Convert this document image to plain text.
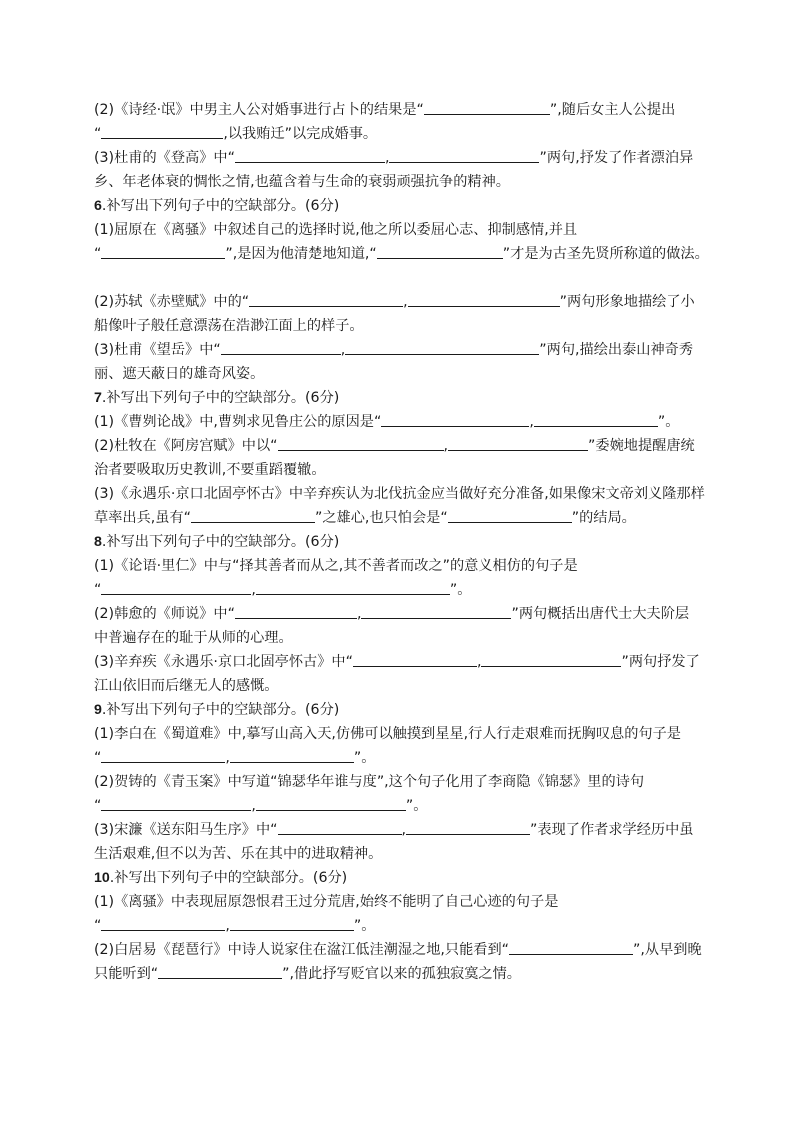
(2)《诗经·氓》中男主人公对婚事进行占卜的结果是“	”,随后女主人公提出
“	,以我贿迁”以完成婚事。
(3)杜甫的《登高》中“	,	”两句,抒发了作者漂泊异
乡、年老体衰的惆怅之情,也蕴含着与生命的衰弱顽强抗争的精神。
6.补写出下列句子中的空缺部分。(6分)
(1)屈原在《离骚》中叙述自己的选择时说,他之所以委屈心志、抑制感情,并且
“	”,是因为他清楚地知道,“	”才是为古圣先贤所称道的做法。
(2)苏轼《赤壁赋》中的“	,	”两句形象地描绘了小
船像叶子般任意漂荡在浩渺江面上的样子。
(3)杜甫《望岳》中“	,	”两句,描绘出泰山神奇秀
丽、遮天蔽日的雄奇风姿。
7.补写出下列句子中的空缺部分。(6分)
(1)《曹刿论战》中,曹刿求见鲁庄公的原因是“	,	”。
(2)杜牧在《阿房宫赋》中以“	,	”委婉地提醒唐统
治者要吸取历史教训,不要重蹈覆辙。
(3)《永遇乐·京口北固亭怀古》中辛弃疾认为北伐抗金应当做好充分准备,如果像宋文帝刘义隆那样
草率出兵,虽有“	”之雄心,也只怕会是“	”的结局。
8.补写出下列句子中的空缺部分。(6分)
(1)《论语·里仁》中与“择其善者而从之,其不善者而改之”的意义相仿的句子是
“	,	”。
(2)韩愈的《师说》中“	,	”两句概括出唐代士大夫阶层
中普遍存在的耻于从师的心理。
(3)辛弃疾《永遇乐·京口北固亭怀古》中“	,	”两句抒发了
江山依旧而后继无人的感慨。
9.补写出下列句子中的空缺部分。(6分)
(1)李白在《蜀道难》中,摹写山高入天,仿佛可以触摸到星星,行人行走艰难而抚胸叹息的句子是
“	,	”。
(2)贺铸的《青玉案》中写道“锦瑟华年谁与度”,这个句子化用了李商隐《锦瑟》里的诗句
“	,	”。
(3)宋濂《送东阳马生序》中“	,	”表现了作者求学经历中虽
生活艰难,但不以为苦、乐在其中的进取精神。
10.补写出下列句子中的空缺部分。(6分)
(1)《离骚》中表现屈原怨恨君王过分荒唐,始终不能明了自己心迹的句子是
“	,	”。
(2)白居易《琵琶行》中诗人说家住在湓江低洼潮湿之地,只能看到“	”,从早到晚
只能听到“	”,借此抒写贬官以来的孤独寂寞之情。
